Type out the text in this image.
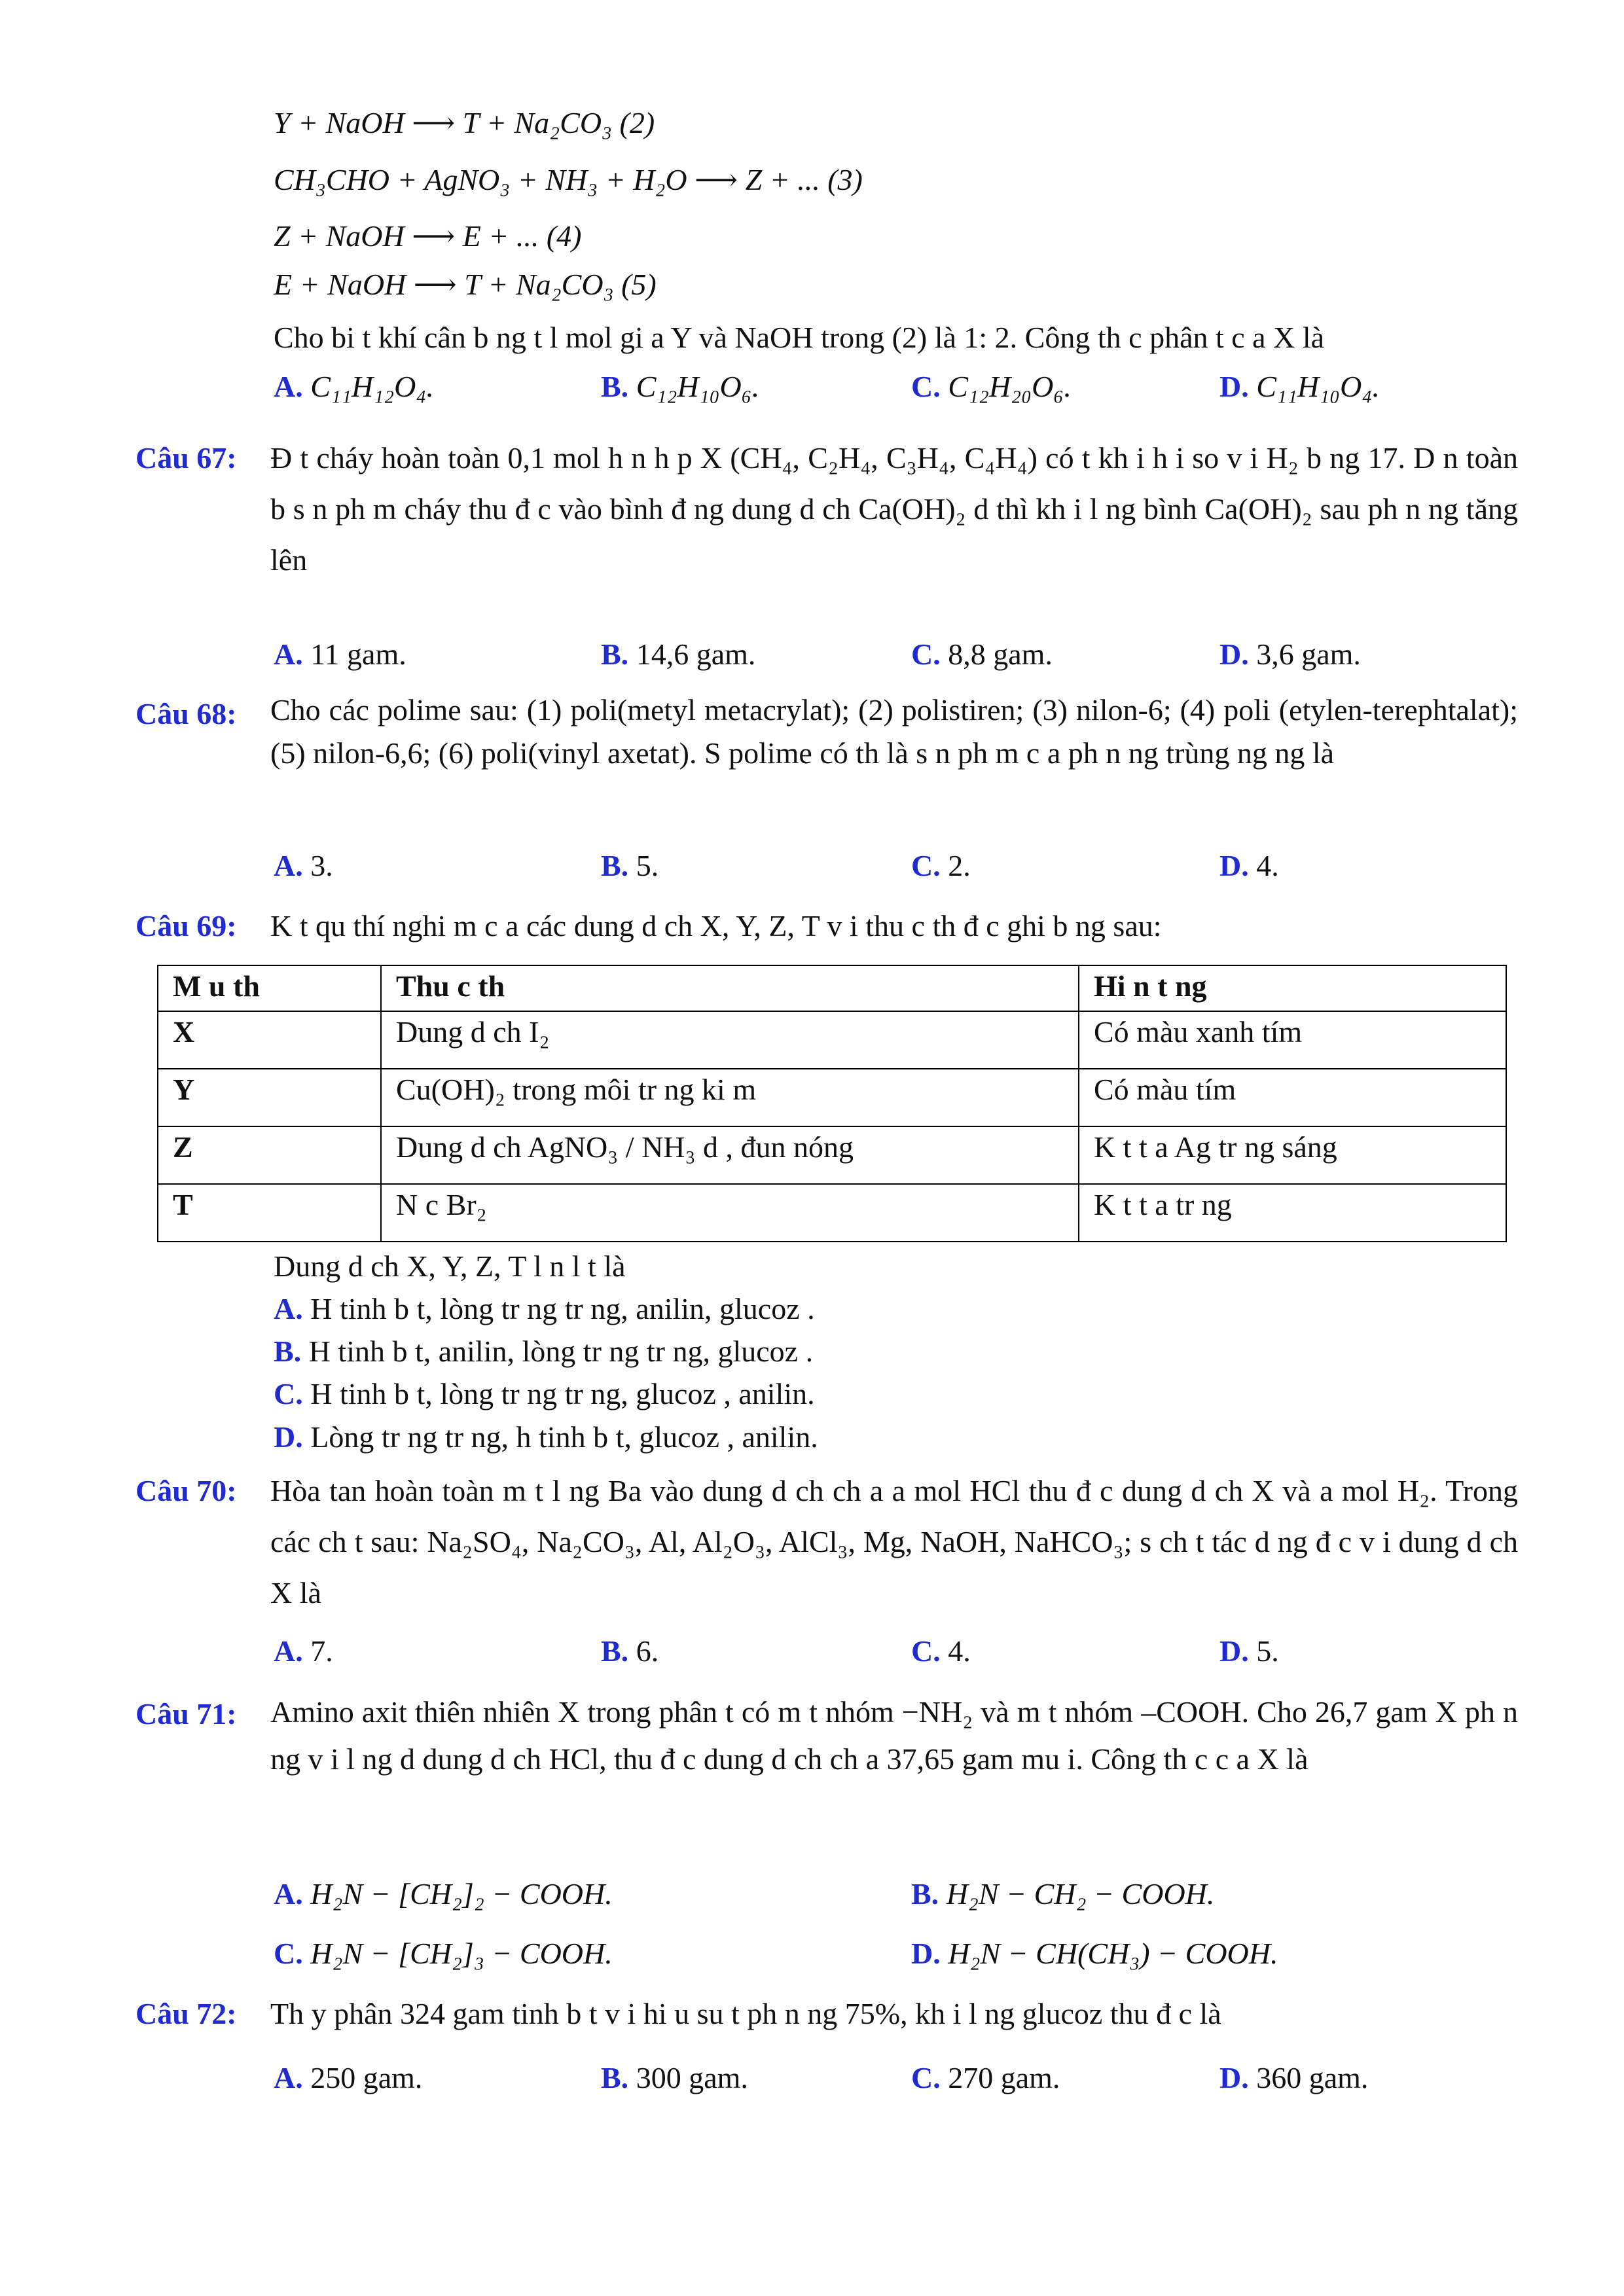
Y + NaOH ⟶ T + Na₂CO₃ (2)
CH₃CHO + AgNO₃ + NH₃ + H₂O ⟶ Z + ... (3)
Z + NaOH ⟶ E + ... (4)
E + NaOH ⟶ T + Na₂CO₃ (5)
Cho bi t khí cân b ng t l mol gi a Y và NaOH trong (2) là 1: 2. Công th c phân t c a X là
A. C₁₁H₁₂O₄.	B. C₁₂H₁₀O₆.	C. C₁₂H₂₀O₆.	D. C₁₁H₁₀O₄.
Câu 67: Đ t cháy hoàn toàn 0,1 mol h n h p X (CH₄, C₂H₄, C₃H₄, C₄H₄) có t kh i h i so v i H₂ b ng 17. D n toàn b s n ph m cháy thu đ c vào bình đ ng dung d ch Ca(OH)₂ d thì kh i l ng bình Ca(OH)₂ sau ph n ng tăng lên
A. 11 gam.	B. 14,6 gam.	C. 8,8 gam.	D. 3,6 gam.
Câu 68: Cho các polime sau: (1) poli(metyl metacrylat); (2) polistiren; (3) nilon-6; (4) poli (etylen-terephtalat); (5) nilon-6,6; (6) poli(vinyl axetat). S polime có th là s n ph m c a ph n ng trùng ng ng là
A. 3.	B. 5.	C. 2.	D. 4.
Câu 69: K t qu thí nghi m c a các dung d ch X, Y, Z, T v i thu c th đ c ghi b ng sau:
M u th	Thu c th	Hi n t ng
X	Dung d ch I₂	Có màu xanh tím
Y	Cu(OH)₂ trong môi tr ng ki m	Có màu tím
Z	Dung d ch AgNO₃ / NH₃ d , đun nóng	K t t a Ag tr ng sáng
T	N c Br₂	K t t a tr ng
Dung d ch X, Y, Z, T l n l t là
A. H tinh b t, lòng tr ng tr ng, anilin, glucoz .
B. H tinh b t, anilin, lòng tr ng tr ng, glucoz .
C. H tinh b t, lòng tr ng tr ng, glucoz , anilin.
D. Lòng tr ng tr ng, h tinh b t, glucoz , anilin.
Câu 70: Hòa tan hoàn toàn m t l ng Ba vào dung d ch ch a a mol HCl thu đ c dung d ch X và a mol H₂. Trong các ch t sau: Na₂SO₄, Na₂CO₃, Al, Al₂O₃, AlCl₃, Mg, NaOH, NaHCO₃; s ch t tác d ng đ c v i dung d ch X là
A. 7.	B. 6.	C. 4.	D. 5.
Câu 71: Amino axit thiên nhiên X trong phân t có m t nhóm −NH₂ và m t nhóm –COOH. Cho 26,7 gam X ph n ng v i l ng d dung d ch HCl, thu đ c dung d ch ch a 37,65 gam mu i. Công th c c a X là
A. H₂N − [CH₂]₂ − COOH.	B. H₂N − CH₂ − COOH.
C. H₂N − [CH₂]₃ − COOH.	D. H₂N − CH(CH₃) − COOH.
Câu 72: Th y phân 324 gam tinh b t v i hi u su t ph n ng 75%, kh i l ng glucoz thu đ c là
A. 250 gam.	B. 300 gam.	C. 270 gam.	D. 360 gam.
